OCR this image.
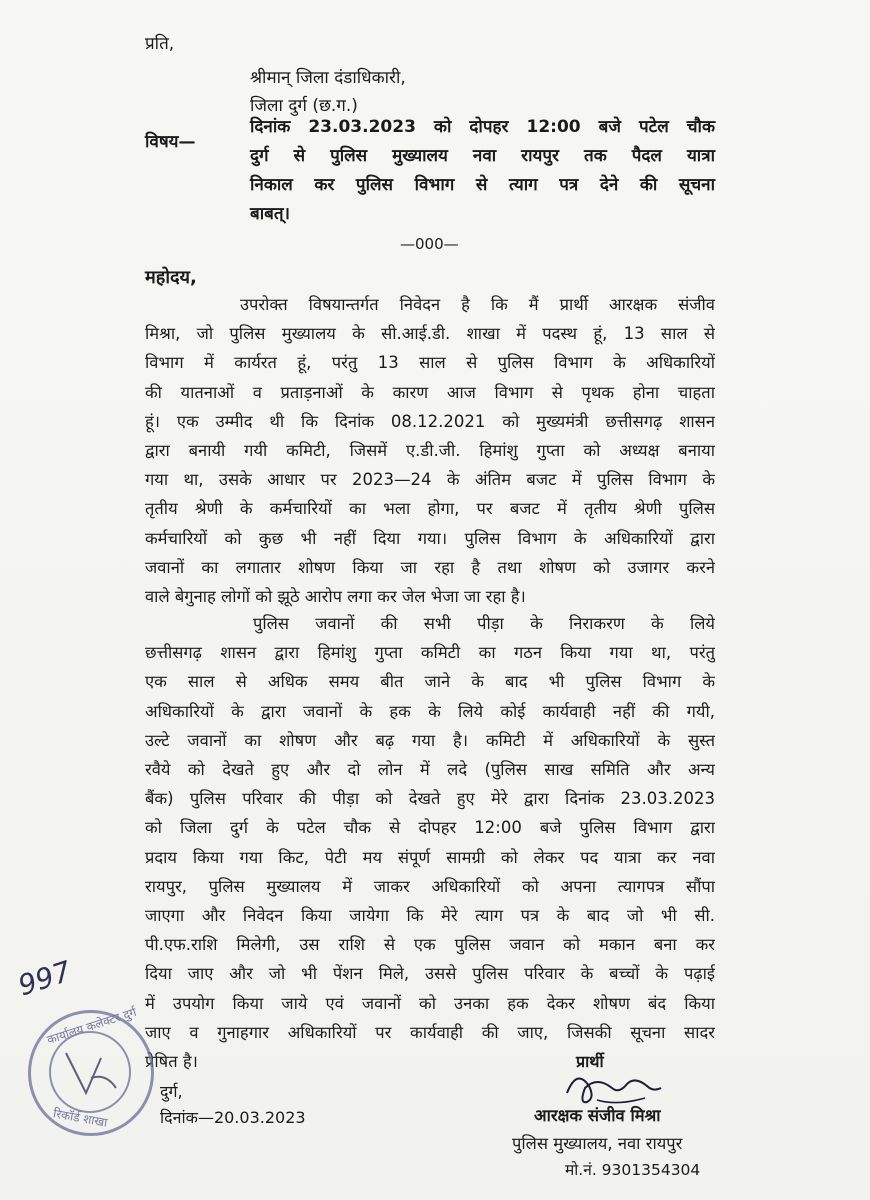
प्रति,
श्रीमान् जिला दंडाधिकारी,
जिला दुर्ग (छ.ग.)
विषय—
दिनांक 23.03.2023 को दोपहर 12:00 बजे पटेल चौक
दुर्ग से पुलिस मुख्यालय नवा रायपुर तक पैदल यात्रा
निकाल कर पुलिस विभाग से त्याग पत्र देने की सूचना
बाबत्।
—000—
महोदय,
उपरोक्त विषयान्तर्गत निवेदन है कि मैं प्रार्थी आरक्षक संजीव
मिश्रा, जो पुलिस मुख्यालय के सी.आई.डी. शाखा में पदस्थ हूं, 13 साल से
विभाग में कार्यरत हूं, परंतु 13 साल से पुलिस विभाग के अधिकारियों
की यातनाओं व प्रताड़नाओं के कारण आज विभाग से पृथक होना चाहता
हूं। एक उम्मीद थी कि दिनांक 08.12.2021 को मुख्यमंत्री छत्तीसगढ़ शासन
द्वारा बनायी गयी कमिटी, जिसमें ए.डी.जी. हिमांशु गुप्ता को अध्यक्ष बनाया
गया था, उसके आधार पर 2023—24 के अंतिम बजट में पुलिस विभाग के
तृतीय श्रेणी के कर्मचारियों का भला होगा, पर बजट में तृतीय श्रेणी पुलिस
कर्मचारियों को कुछ भी नहीं दिया गया। पुलिस विभाग के अधिकारियों द्वारा
जवानों का लगातार शोषण किया जा रहा है तथा शोषण को उजागर करने
वाले बेगुनाह लोगों को झूठे आरोप लगा कर जेल भेजा जा रहा है।
पुलिस जवानों की सभी पीड़ा के निराकरण के लिये
छत्तीसगढ़ शासन द्वारा हिमांशु गुप्ता कमिटी का गठन किया गया था, परंतु
एक साल से अधिक समय बीत जाने के बाद भी पुलिस विभाग के
अधिकारियों के द्वारा जवानों के हक के लिये कोई कार्यवाही नहीं की गयी,
उल्टे जवानों का शोषण और बढ़ गया है। कमिटी में अधिकारियों के सुस्त
रवैये को देखते हुए और दो लोन में लदे (पुलिस साख समिति और अन्य
बैंक) पुलिस परिवार की पीड़ा को देखते हुए मेरे द्वारा दिनांक 23.03.2023
को जिला दुर्ग के पटेल चौक से दोपहर 12:00 बजे पुलिस विभाग द्वारा
प्रदाय किया गया किट, पेटी मय संपूर्ण सामग्री को लेकर पद यात्रा कर नवा
रायपुर, पुलिस मुख्यालय में जाकर अधिकारियों को अपना त्यागपत्र सौंपा
जाएगा और निवेदन किया जायेगा कि मेरे त्याग पत्र के बाद जो भी सी.
पी.एफ.राशि मिलेगी, उस राशि से एक पुलिस जवान को मकान बना कर
दिया जाए और जो भी पेंशन मिले, उससे पुलिस परिवार के बच्चों के पढ़ाई
में उपयोग किया जाये एवं जवानों को उनका हक देकर शोषण बंद किया
जाए व गुनाहगार अधिकारियों पर कार्यवाही की जाए, जिसकी सूचना सादर
प्रेषित है।
997
कार्यालय कलेक्टर दुर्ग
रिकॉर्ड शाखा
दुर्ग,
दिनांक—20.03.2023
प्रार्थी
आरक्षक संजीव मिश्रा
पुलिस मुख्यालय, नवा रायपुर
मो.नं. 9301354304
